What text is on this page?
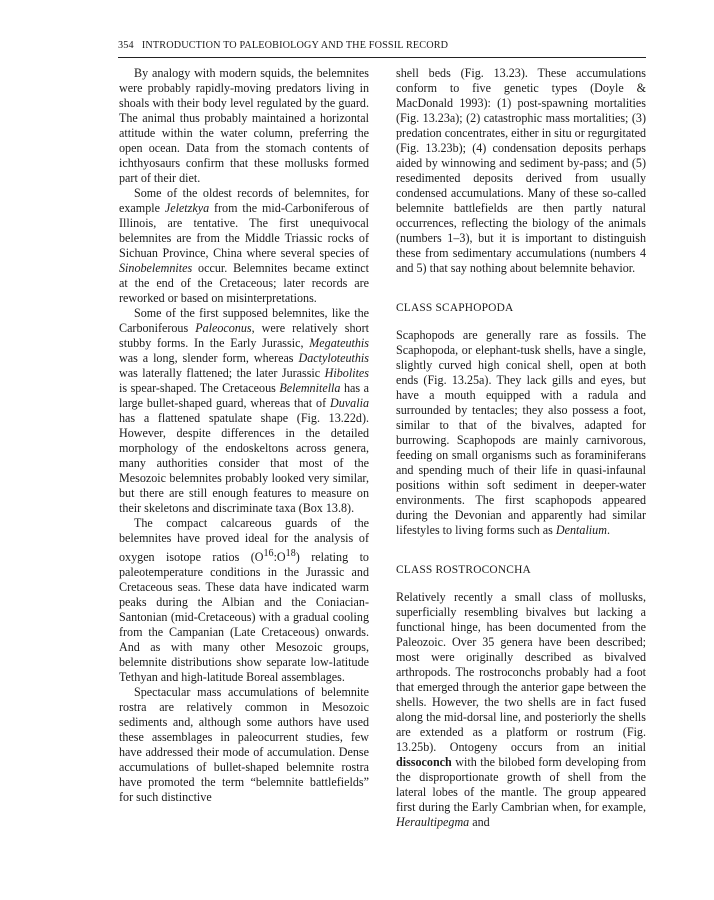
354 INTRODUCTION TO PALEOBIOLOGY AND THE FOSSIL RECORD

By analogy with modern squids, the belemnites were probably rapidly-moving predators living in shoals with their body level regulated by the guard. The animal thus probably maintained a horizontal attitude within the water column, preferring the open ocean. Data from the stomach contents of ichthyosaurs confirm that these mollusks formed part of their diet.

Some of the oldest records of belemnites, for example Jeletzkya from the mid-Carboniferous of Illinois, are tentative. The first unequivocal belemnites are from the Middle Triassic rocks of Sichuan Province, China where several species of Sinobelemnites occur. Belemnites became extinct at the end of the Cretaceous; later records are reworked or based on misinterpretations.

Some of the first supposed belemnites, like the Carboniferous Paleoconus, were relatively short stubby forms. In the Early Jurassic, Megateuthis was a long, slender form, whereas Dactyloteuthis was laterally flattened; the later Jurassic Hibolites is spear-shaped. The Cretaceous Belemnitella has a large bullet-shaped guard, whereas that of Duvalia has a flattened spatulate shape (Fig. 13.22d). However, despite differences in the detailed morphology of the endoskeltons across genera, many authorities consider that most of the Mesozoic belemnites probably looked very similar, but there are still enough features to measure on their skeletons and discriminate taxa (Box 13.8).

The compact calcareous guards of the belemnites have proved ideal for the analysis of oxygen isotope ratios $(O^{16}:O^{18})$ relating to paleotemperature conditions in the Jurassic and Cretaceous seas. These data have indicated warm peaks during the Albian and the Coniacian-Santonian (mid-Cretaceous) with a gradual cooling from the Campanian (Late Cretaceous) onwards. And as with many other Mesozoic groups, belemnite distributions show separate low-latitude Tethyan and high-latitude Boreal assemblages.

Spectacular mass accumulations of belemnite rostra are relatively common in Mesozoic sediments and, although some authors have used these assemblages in paleocurrent studies, few have addressed their mode of accumulation. Dense accumulations of bullet-shaped belemnite rostra have promoted the term “belemnite battlefields” for such distinctive

shell beds (Fig. 13.23). These accumulations conform to five genetic types (Doyle & MacDonald 1993): (1) post-spawning mortalities (Fig. 13.23a); (2) catastrophic mass mortalities; (3) predation concentrates, either in situ or regurgitated (Fig. 13.23b); (4) condensation deposits perhaps aided by winnowing and sediment by-pass; and (5) resedimented deposits derived from usually condensed accumulations. Many of these so-called belemnite battlefields are then partly natural occurrences, reflecting the biology of the animals (numbers 1–3), but it is important to distinguish these from sedimentary accumulations (numbers 4 and 5) that say nothing about belemnite behavior.

CLASS SCAPHOPODA

Scaphopods are generally rare as fossils. The Scaphopoda, or elephant-tusk shells, have a single, slightly curved high conical shell, open at both ends (Fig. 13.25a). They lack gills and eyes, but have a mouth equipped with a radula and surrounded by tentacles; they also possess a foot, similar to that of the bivalves, adapted for burrowing. Scaphopods are mainly carnivorous, feeding on small organisms such as foraminiferans and spending much of their life in quasi-infaunal positions within soft sediment in deeper-water environments. The first scaphopods appeared during the Devonian and apparently had similar lifestyles to living forms such as Dentalium.

CLASS ROSTROCONCHA

Relatively recently a small class of mollusks, superficially resembling bivalves but lacking a functional hinge, has been documented from the Paleozoic. Over 35 genera have been described; most were originally described as bivalved arthropods. The rostroconchs probably had a foot that emerged through the anterior gape between the shells. However, the two shells are in fact fused along the mid-dorsal line, and posteriorly the shells are extended as a platform or rostrum (Fig. 13.25b). Ontogeny occurs from an initial dissoconch with the bilobed form developing from the disproportionate growth of shell from the lateral lobes of the mantle. The group appeared first during the Early Cambrian when, for example, Heraultipegma and
